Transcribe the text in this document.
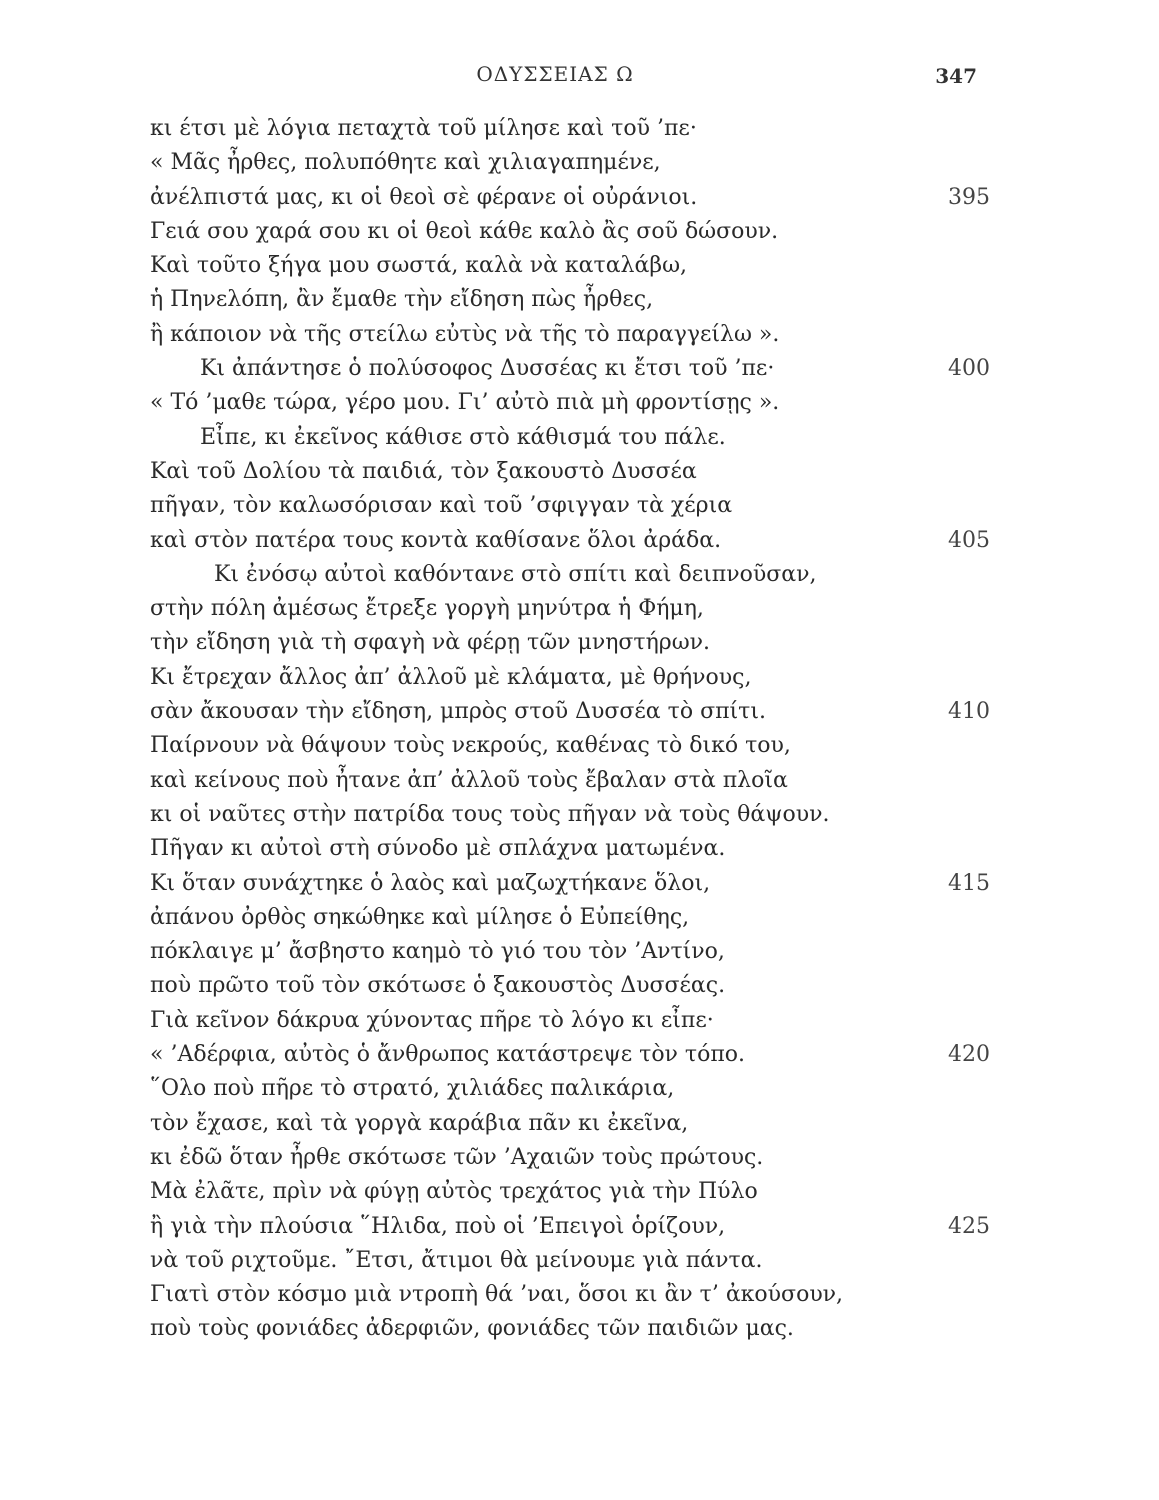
ΟΔΥΣΣΕΙΑΣ Ω	347
κι έτσι μὲ λόγια πεταχτὰ τοῦ μίλησε καὶ τοῦ ’πε·
« Μᾶς ἦρθες, πολυπόθητε καὶ χιλιαγαπημένε,
ἀνέλπιστά μας, κι οἱ θεοὶ σὲ φέρανε οἱ οὐράνιοι.	395
Γειά σου χαρά σου κι οἱ θεοὶ κάθε καλὸ ἂς σοῦ δώσουν.
Καὶ τοῦτο ξήγα μου σωστά, καλὰ νὰ καταλάβω,
ἡ Πηνελόπη, ἂν ἔμαθε τὴν εἴδηση πὼς ἦρθες,
ἢ κάποιον νὰ τῆς στείλω εὐτὺς νὰ τῆς τὸ παραγγείλω ».
Κι ἀπάντησε ὁ πολύσοφος Δυσσέας κι ἔτσι τοῦ ’πε·	400
« Τό ’μαθε τώρα, γέρο μου. Γι’ αὐτὸ πιὰ μὴ φροντίσῃς ».
Εἶπε, κι ἐκεῖνος κάθισε στὸ κάθισμά του πάλε.
Καὶ τοῦ Δολίου τὰ παιδιά, τὸν ξακουστὸ Δυσσέα
πῆγαν, τὸν καλωσόρισαν καὶ τοῦ ’σφιγγαν τὰ χέρια
καὶ στὸν πατέρα τους κοντὰ καθίσανε ὅλοι ἀράδα.	405
Κι ἐνόσῳ αὐτοὶ καθόντανε στὸ σπίτι καὶ δειπνοῦσαν,
στὴν πόλη ἀμέσως ἔτρεξε γοργὴ μηνύτρα ἡ Φήμη,
τὴν εἴδηση γιὰ τὴ σφαγὴ νὰ φέρῃ τῶν μνηστήρων.
Κι ἔτρεχαν ἄλλος ἀπ’ ἀλλοῦ μὲ κλάματα, μὲ θρήνους,
σὰν ἄκουσαν τὴν εἴδηση, μπρὸς στοῦ Δυσσέα τὸ σπίτι.	410
Παίρνουν νὰ θάψουν τοὺς νεκρούς, καθένας τὸ δικό του,
καὶ κείνους ποὺ ἦτανε ἀπ’ ἀλλοῦ τοὺς ἔβαλαν στὰ πλοῖα
κι οἱ ναῦτες στὴν πατρίδα τους τοὺς πῆγαν νὰ τοὺς θάψουν.
Πῆγαν κι αὐτοὶ στὴ σύνοδο μὲ σπλάχνα ματωμένα.
Κι ὅταν συνάχτηκε ὁ λαὸς καὶ μαζωχτήκανε ὅλοι,	415
ἀπάνου ὀρθὸς σηκώθηκε καὶ μίλησε ὁ Εὐπείθης,
πόκλαιγε μ’ ἄσβηστο καημὸ τὸ γιό του τὸν ’Αντίνο,
ποὺ πρῶτο τοῦ τὸν σκότωσε ὁ ξακουστὸς Δυσσέας.
Γιὰ κεῖνον δάκρυα χύνοντας πῆρε τὸ λόγο κι εἶπε·
« ’Αδέρφια, αὐτὸς ὁ ἄνθρωπος κατάστρεψε τὸν τόπο.	420
῞Ολο ποὺ πῆρε τὸ στρατό, χιλιάδες παλικάρια,
τὸν ἔχασε, καὶ τὰ γοργὰ καράβια πᾶν κι ἐκεῖνα,
κι ἐδῶ ὅταν ἦρθε σκότωσε τῶν ’Αχαιῶν τοὺς πρώτους.
Μὰ ἐλᾶτε, πρὶν νὰ φύγῃ αὐτὸς τρεχάτος γιὰ τὴν Πύλο
ἢ γιὰ τὴν πλούσια ῞Ηλιδα, ποὺ οἱ ’Επειγοὶ ὁρίζουν,	425
νὰ τοῦ ριχτοῦμε. ῎Ετσι, ἄτιμοι θὰ μείνουμε γιὰ πάντα.
Γιατὶ στὸν κόσμο μιὰ ντροπὴ θά ’ναι, ὅσοι κι ἂν τ’ ἀκούσουν,
ποὺ τοὺς φονιάδες ἀδερφιῶν, φονιάδες τῶν παιδιῶν μας.
